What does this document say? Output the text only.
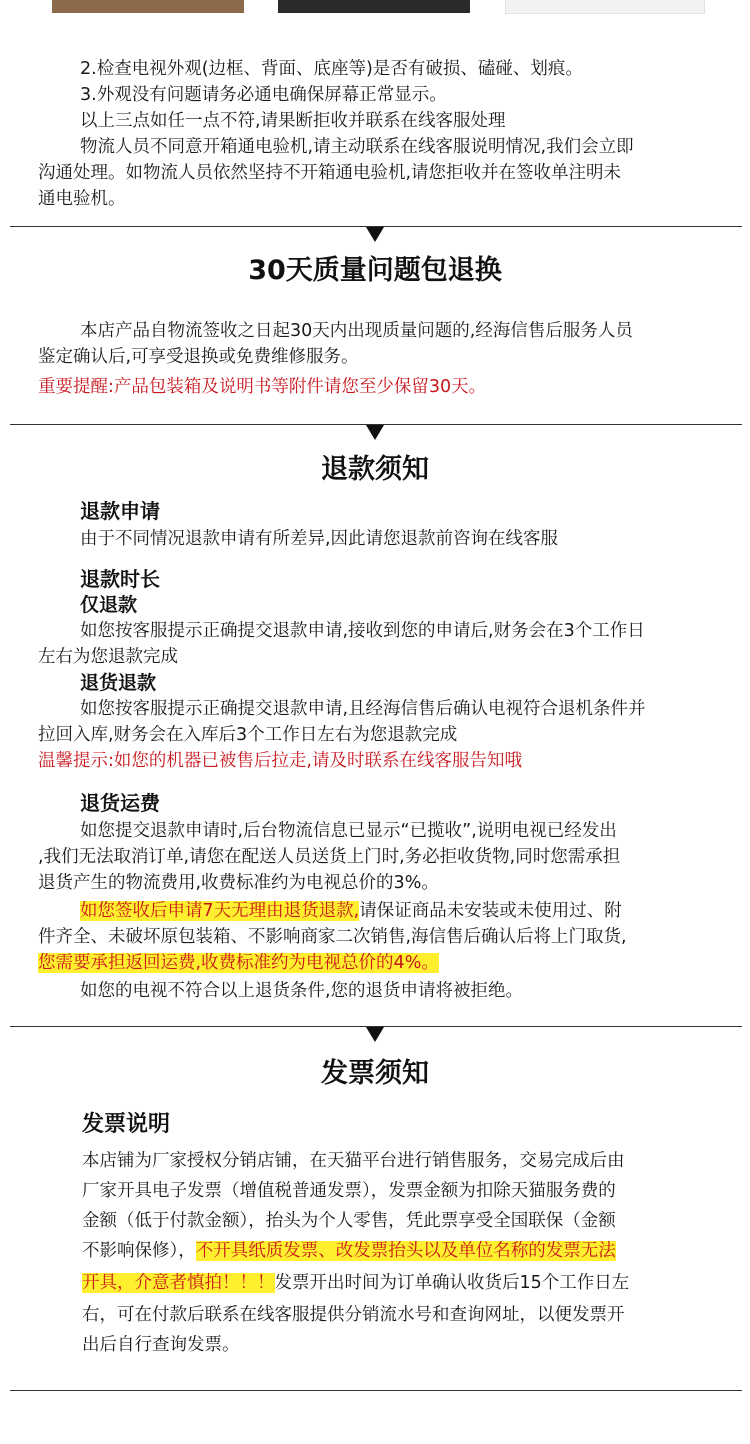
2.检查电视外观(边框、背面、底座等)是否有破损、磕碰、划痕。

3.外观没有问题请务必通电确保屏幕正常显示。

以上三点如任一点不符,请果断拒收并联系在线客服处理

物流人员不同意开箱通电验机,请主动联系在线客服说明情况,我们会立即

沟通处理。如物流人员依然坚持不开箱通电验机,请您拒收并在签收单注明未

通电验机。

30天质量问题包退换

本店产品自物流签收之日起30天内出现质量问题的,经海信售后服务人员

鉴定确认后,可享受退换或免费维修服务。

重要提醒:产品包装箱及说明书等附件请您至少保留30天。

退款须知
退款申请

由于不同情况退款申请有所差异,因此请您退款前咨询在线客服

退款时长
仅退款

如您按客服提示正确提交退款申请,接收到您的申请后,财务会在3个工作日

左右为您退款完成

退货退款

如您按客服提示正确提交退款申请,且经海信售后确认电视符合退机条件并

拉回入库,财务会在入库后3个工作日左右为您退款完成

温馨提示:如您的机器已被售后拉走,请及时联系在线客服告知哦

退货运费

如您提交退款申请时,后台物流信息已显示“已揽收”,说明电视已经发出

,我们无法取消订单,请您在配送人员送货上门时,务必拒收货物,同时您需承担

退货产生的物流费用,收费标准约为电视总价的3%。

如您签收后申请7天无理由退货退款,请保证商品未安装或未使用过、附

件齐全、未破坏原包装箱、不影响商家二次销售,海信售后确认后将上门取货,

您需要承担返回运费,收费标准约为电视总价的4%。

如您的电视不符合以上退货条件,您的退货申请将被拒绝。

发票须知
发票说明

本店铺为厂家授权分销店铺，在天猫平台进行销售服务，交易完成后由

厂家开具电子发票（增值税普通发票），发票金额为扣除天猫服务费的

金额（低于付款金额），抬头为个人零售，凭此票享受全国联保（金额

不影响保修），不开具纸质发票、改发票抬头以及单位名称的发票无法

开具，介意者慎拍！！！发票开出时间为订单确认收货后15个工作日左

右，可在付款后联系在线客服提供分销流水号和查询网址，以便发票开

出后自行查询发票。
